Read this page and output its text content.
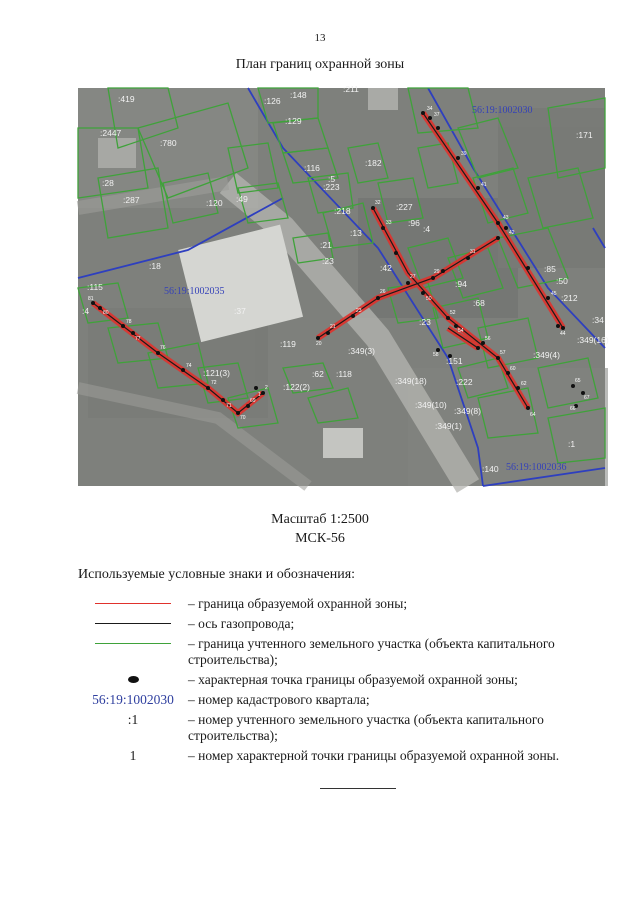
13
План границ охранной зоны
34
37
39
41
43
42
45
44
20
21
23
26
27
29
31
32
33
50
52
54
56
57
60
62
64
58
65
67
66
81
80
78
77
76
74
72
71
70
69
2
1
:419	:126
:148
:211
:129
:2447
:780
:116	:182
:5
:28
:287	:120 :49
:223
:218	:227
:13
:96
:4
:21
:23
:18
:115
:42
:4	:37
:85
:50
:212
:171
:94
:68
:23
:119
:349(3)
:151
:121(3)	:62 :118
:122(2)
:349(18)	:222
:349(4)
:349(10)
:349(8)
:349(1)
:1
:140
:34
:349(16)
56:19:1002030
56:19:1002035
56:19:1002036
Масштаб 1:2500
МСК-56
Используемые условные знаки и обозначения:
– граница образуемой охранной зоны;
– ось газопровода;
– граница учтенного земельного участка (объекта капитального строительства);
– характерная точка границы образуемой охранной зоны;
56:19:1002030 – номер кадастрового квартала;
:1	– номер учтенного земельного участка (объекта капитального строительства);
1	– номер характерной точки границы образуемой охранной зоны.
